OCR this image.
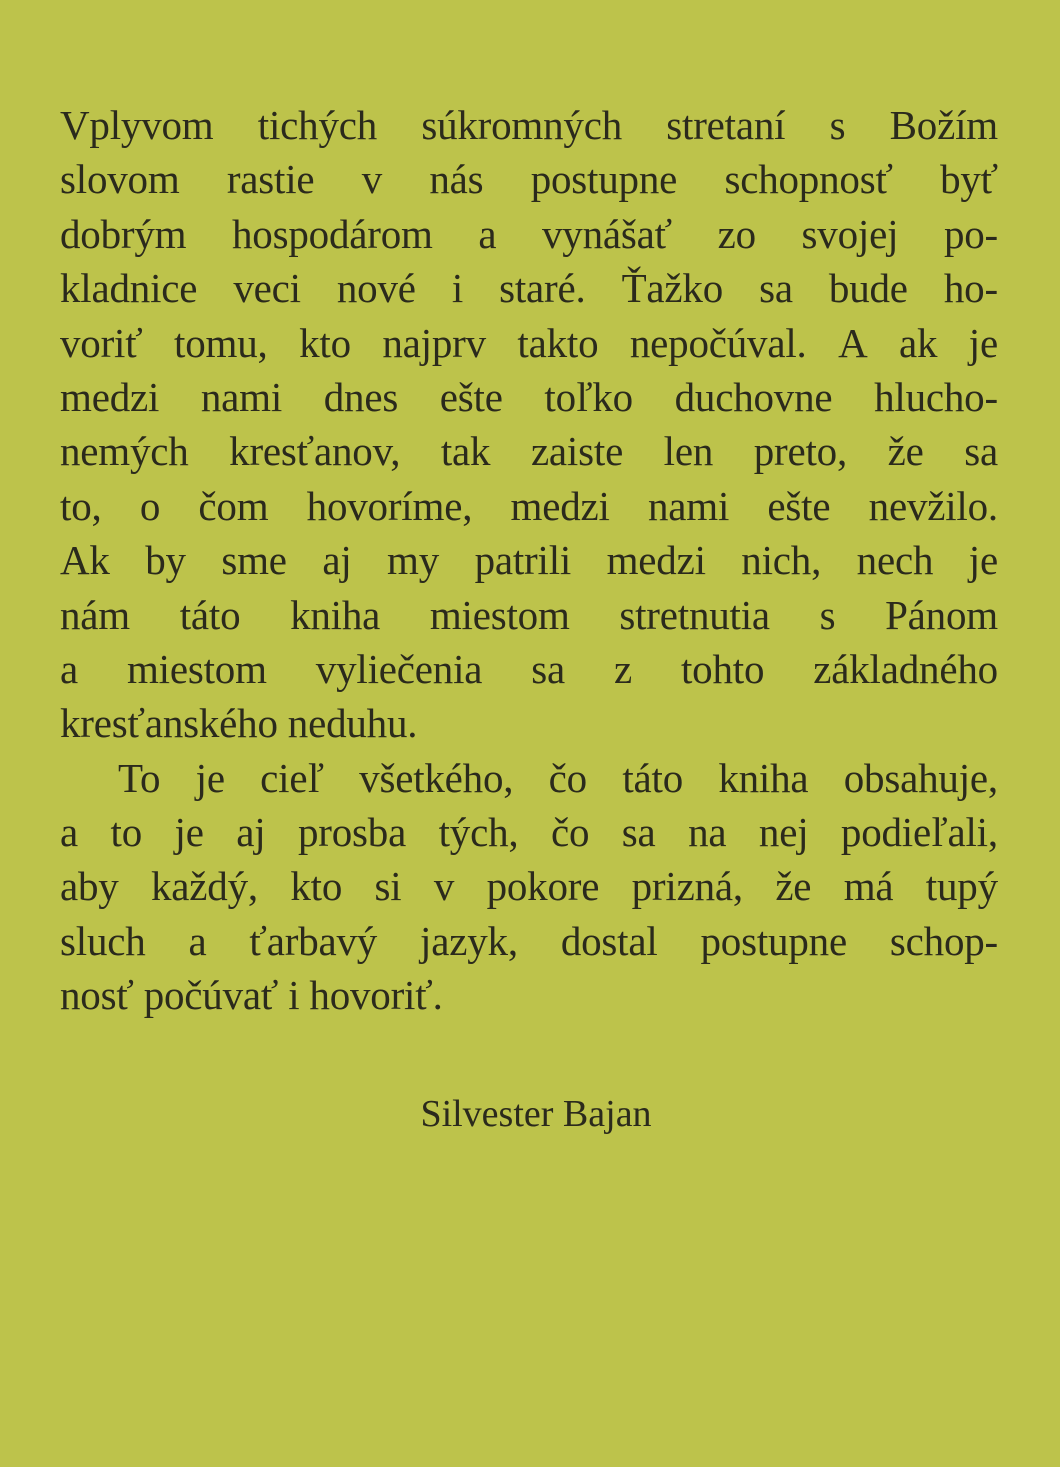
Vplyvom tichých súkromných stretaní s Božím
slovom rastie v nás postupne schopnosť byť
dobrým hospodárom a vynášať zo svojej po-
kladnice veci nové i staré. Ťažko sa bude ho-
voriť tomu, kto najprv takto nepočúval. A ak je
medzi nami dnes ešte toľko duchovne hlucho-
nemých kresťanov, tak zaiste len preto, že sa
to, o čom hovoríme, medzi nami ešte nevžilo.
Ak by sme aj my patrili medzi nich, nech je
nám táto kniha miestom stretnutia s Pánom
a miestom vyliečenia sa z tohto základného
kresťanského neduhu.
To je cieľ všetkého, čo táto kniha obsahuje,
a to je aj prosba tých, čo sa na nej podieľali,
aby každý, kto si v pokore prizná, že má tupý
sluch a ťarbavý jazyk, dostal postupne schop-
nosť počúvať i hovoriť.
Silvester Bajan
